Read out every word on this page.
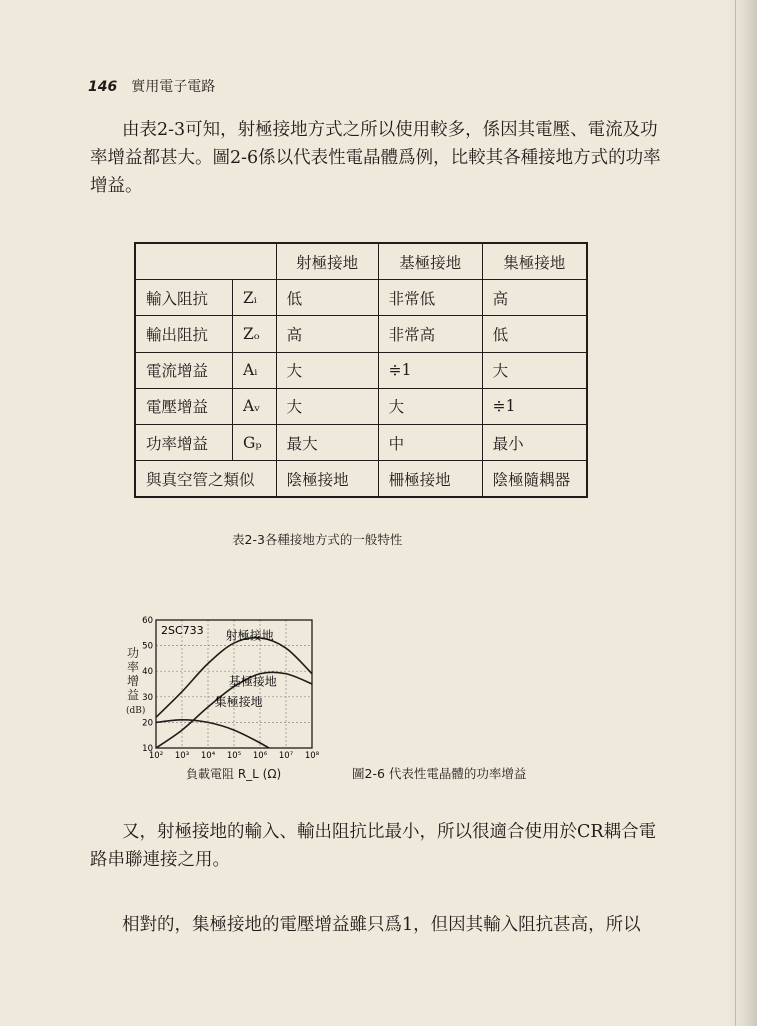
146 實用電子電路
由表2-3可知，射極接地方式之所以使用較多，係因其電壓、電流及功率增益都甚大。圖2-6係以代表性電晶體爲例，比較其各種接地方式的功率增益。
		射極接地	基極接地	集極接地
輸入阻抗	Zᵢ	低	非常低	高
輸出阻抗	Zₒ	高	非常高	低
電流增益	Aᵢ	大	≑1	大
電壓增益	Aᵥ	大	大	≑1
功率增益	Gₚ	最大	中	最小
與真空管之類似		陰極接地	柵極接地	陰極隨耦器
表2-3各種接地方式的一般特性
功
率
增
益
(dB)
10² 10³ 10⁴ 10⁵ 10⁶ 10⁷ 10⁸
10
20
30
40
50
60
2SC733 射極接地
基極接地
集極接地
負載電阻 R_L (Ω)	圖2-6 代表性電晶體的功率增益
又，射極接地的輸入、輸出阻抗比最小，所以很適合使用於CR耦合電路串聯連接之用。
相對的，集極接地的電壓增益雖只爲1，但因其輸入阻抗甚高，所以
